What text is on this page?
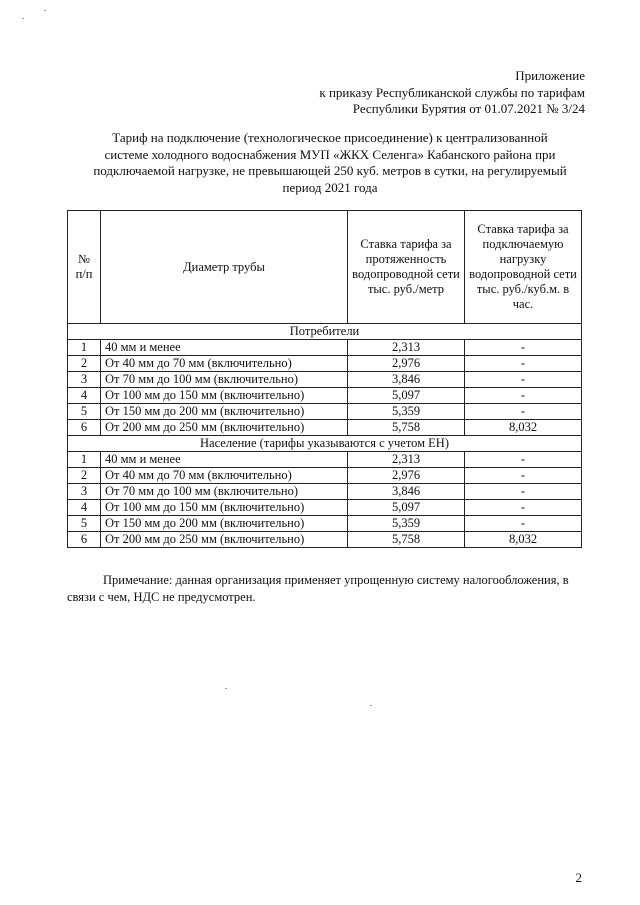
Приложение
к приказу Республиканской службы по тарифам
Республики Бурятия от 01.07.2021 № 3/24
Тариф на подключение (технологическое присоединение) к централизованной
системе холодного водоснабжения МУП «ЖКХ Селенга» Кабанского района при
подключаемой нагрузке, не превышающей 250 куб. метров в сутки, на регулируемый
период 2021 года
№ п/п	Диаметр трубы	Ставка тарифа за протяженность водопроводной сети тыс. руб./метр	Ставка тарифа за подключаемую нагрузку водопроводной сети тыс. руб./куб.м. в час.
Потребители			
1	40 мм и менее	2,313	-
2	От 40 мм до 70 мм (включительно)	2,976	-
3	От 70 мм до 100 мм (включительно)	3,846	-
4	От 100 мм до 150 мм (включительно)	5,097	-
5	От 150 мм до 200 мм (включительно)	5,359	-
6	От 200 мм до 250 мм (включительно)	5,758	8,032
Население (тарифы указываются с учетом ЕН)			
1	40 мм и менее	2,313	-
2	От 40 мм до 70 мм (включительно)	2,976	-
3	От 70 мм до 100 мм (включительно)	3,846	-
4	От 100 мм до 150 мм (включительно)	5,097	-
5	От 150 мм до 200 мм (включительно)	5,359	-
6	От 200 мм до 250 мм (включительно)	5,758	8,032
Примечание: данная организация применяет упрощенную систему налогообложения, в связи с чем, НДС не предусмотрен.
2
